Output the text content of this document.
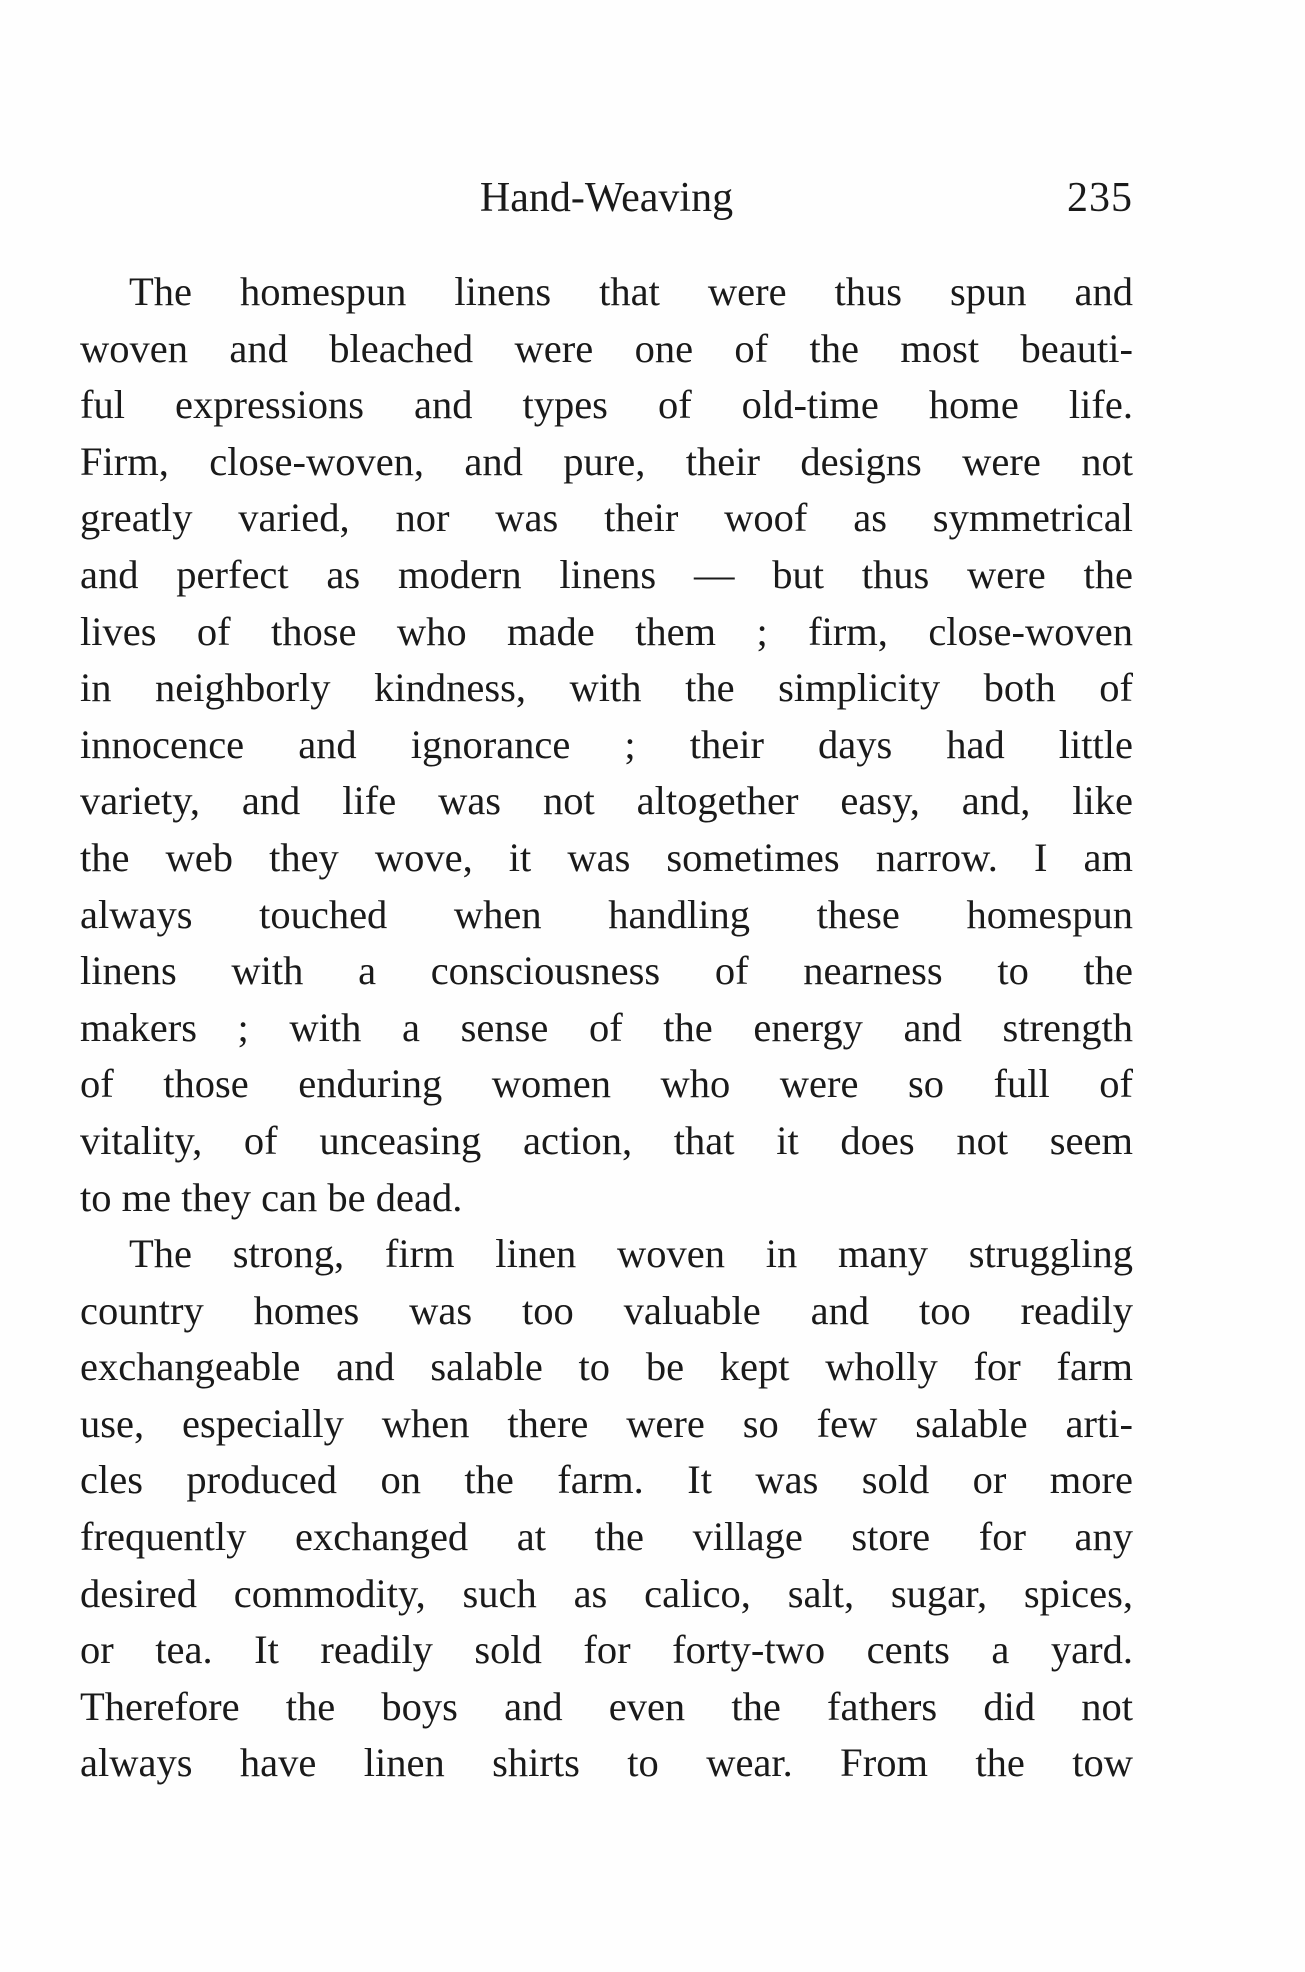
Hand-Weaving	235
The homespun linens that were thus spun and
woven and bleached were one of the most beauti-
ful expressions and types of old-time home life.
Firm, close-woven, and pure, their designs were not
greatly varied, nor was their woof as symmetrical
and perfect as modern linens — but thus were the
lives of those who made them ; firm, close-woven
in neighborly kindness, with the simplicity both of
innocence and ignorance ; their days had little
variety, and life was not altogether easy, and, like
the web they wove, it was sometimes narrow. I am
always touched when handling these homespun
linens with a consciousness of nearness to the
makers ; with a sense of the energy and strength
of those enduring women who were so full of
vitality, of unceasing action, that it does not seem
to me they can be dead.
The strong, firm linen woven in many struggling
country homes was too valuable and too readily
exchangeable and salable to be kept wholly for farm
use, especially when there were so few salable arti-
cles produced on the farm. It was sold or more
frequently exchanged at the village store for any
desired commodity, such as calico, salt, sugar, spices,
or tea. It readily sold for forty-two cents a yard.
Therefore the boys and even the fathers did not
always have linen shirts to wear. From the tow
